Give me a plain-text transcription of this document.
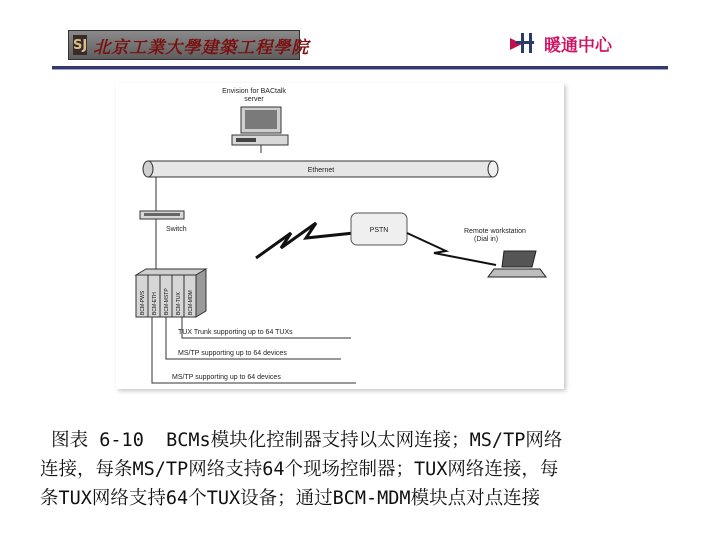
SJ 北京工業大學建築工程學院	暖通中心
Envision for BACtalk
server
Ethernet
Switch	PSTN	Remote workstation
(Dial in)
BCM-PWS BCM-ETH BCM-MSTP BCM-TUX BCM-MDM
TUX Trunk supporting up to 64 TUXs
MS/TP supporting up to 64 devices
MS/TP supporting up to 64 devices
图表 6-10  BCMs模块化控制器支持以太网连接；MS/TP网络
连接，每条MS/TP网络支持64个现场控制器；TUX网络连接，每
条TUX网络支持64个TUX设备；通过BCM-MDM模块点对点连接
